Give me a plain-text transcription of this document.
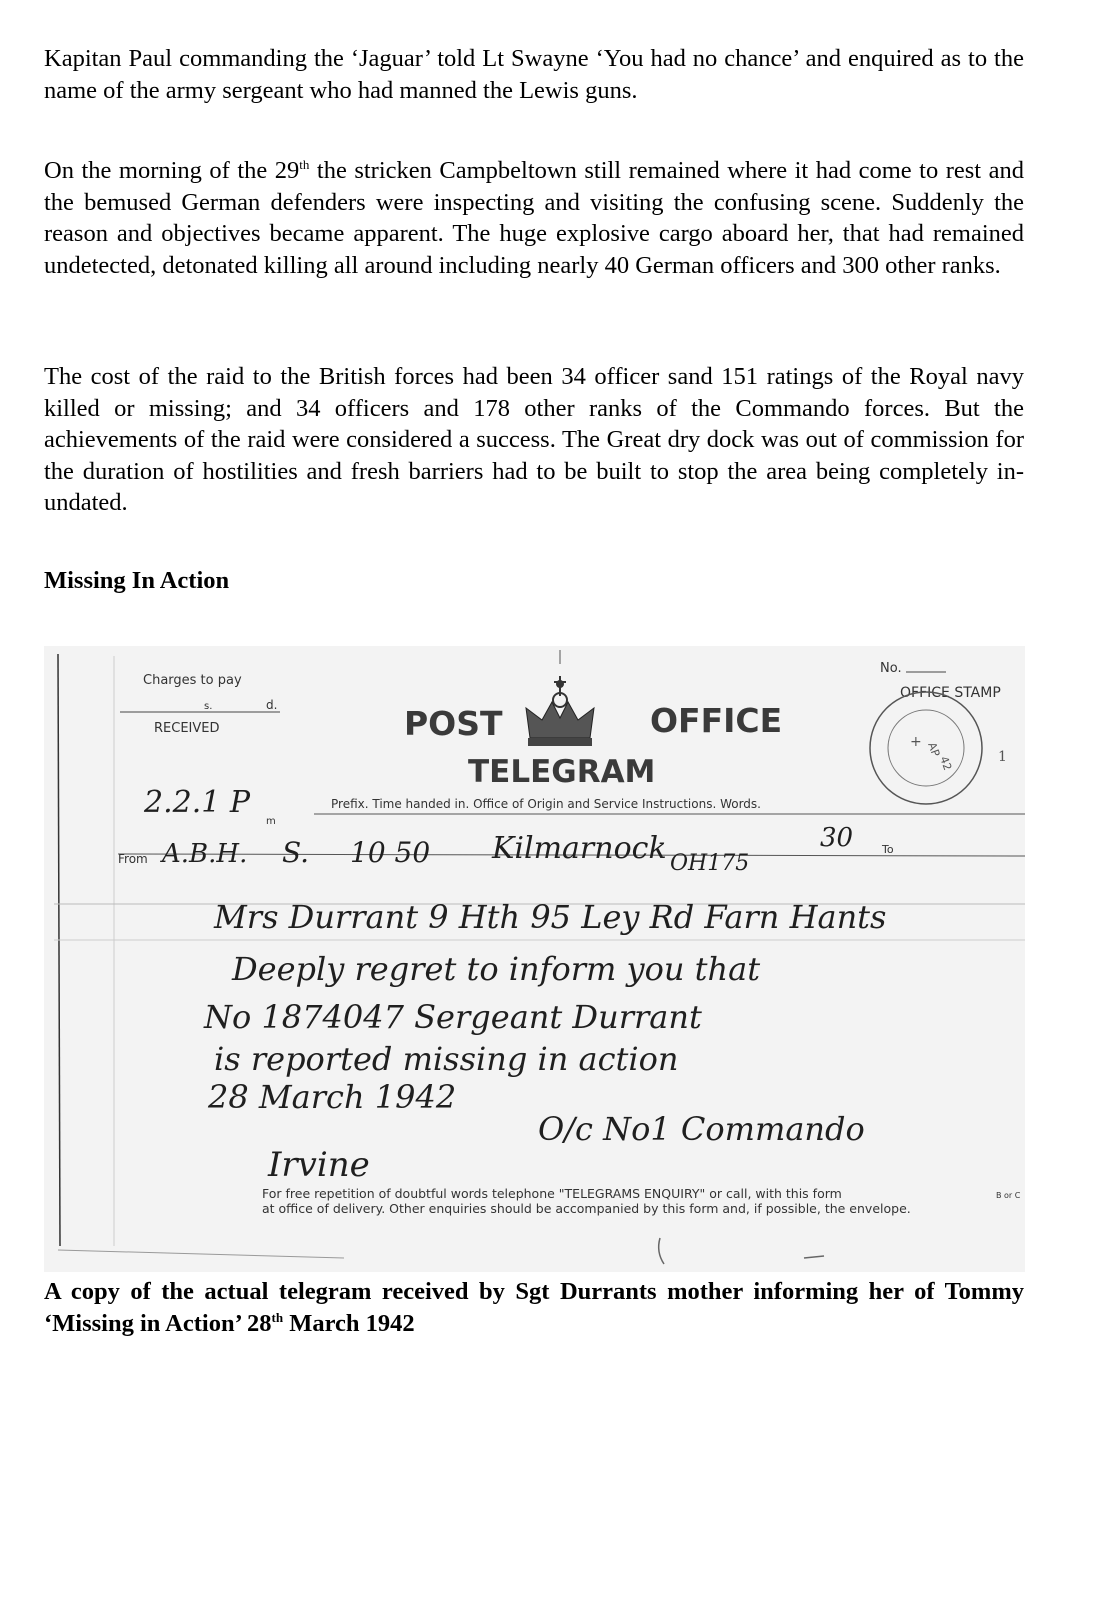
Kapitan Paul commanding the ‘Jaguar’ told Lt Swayne ‘You had no chance’ and enquired as to the name of the army sergeant who had manned the Lewis guns.

On the morning of the 29th the stricken Campbeltown still remained where it had come to rest and the bemused German defenders were inspecting and visiting the confusing scene. Suddenly the reason and objectives became apparent. The huge explosive cargo aboard her, that had remained undetected, detonated killing all around including nearly 40 German officers and 300 other ranks.

The cost of the raid to the British forces had been 34 officer sand 151 ratings of the Royal navy killed or missing; and 34 officers and 178 other ranks of the Commando forces. But the achievements of the raid were considered a success. The Great dry dock was out of commission for the duration of hostilities and fresh barriers had to be built to stop the area being completely in-undated.

Missing In Action
Charges to pay
s.	d.
RECEIVED	POST	OFFICE
TELEGRAM
No.
OFFICE STAMP
+ AP
42	1
Prefix. Time handed in. Office of Origin and Service Instructions. Words.
From
To
m
2.2.1 P
A.B.H. S. 10 50 Kilmarnock OH175
30
Mrs Durrant 9 Hth 95 Ley Rd Farn Hants
Deeply regret to inform you that
No 1874047 Sergeant Durrant
is reported missing in action
28 March 1942
O/c No1 Commando
Irvine
For free repetition of doubtful words telephone "TELEGRAMS ENQUIRY" or call, with this form
at office of delivery. Other enquiries should be accompanied by this form and, if possible, the envelope.
B or C

A copy of the actual telegram received by Sgt Durrants mother informing her of Tommy ‘Missing in Action’ 28th March 1942
